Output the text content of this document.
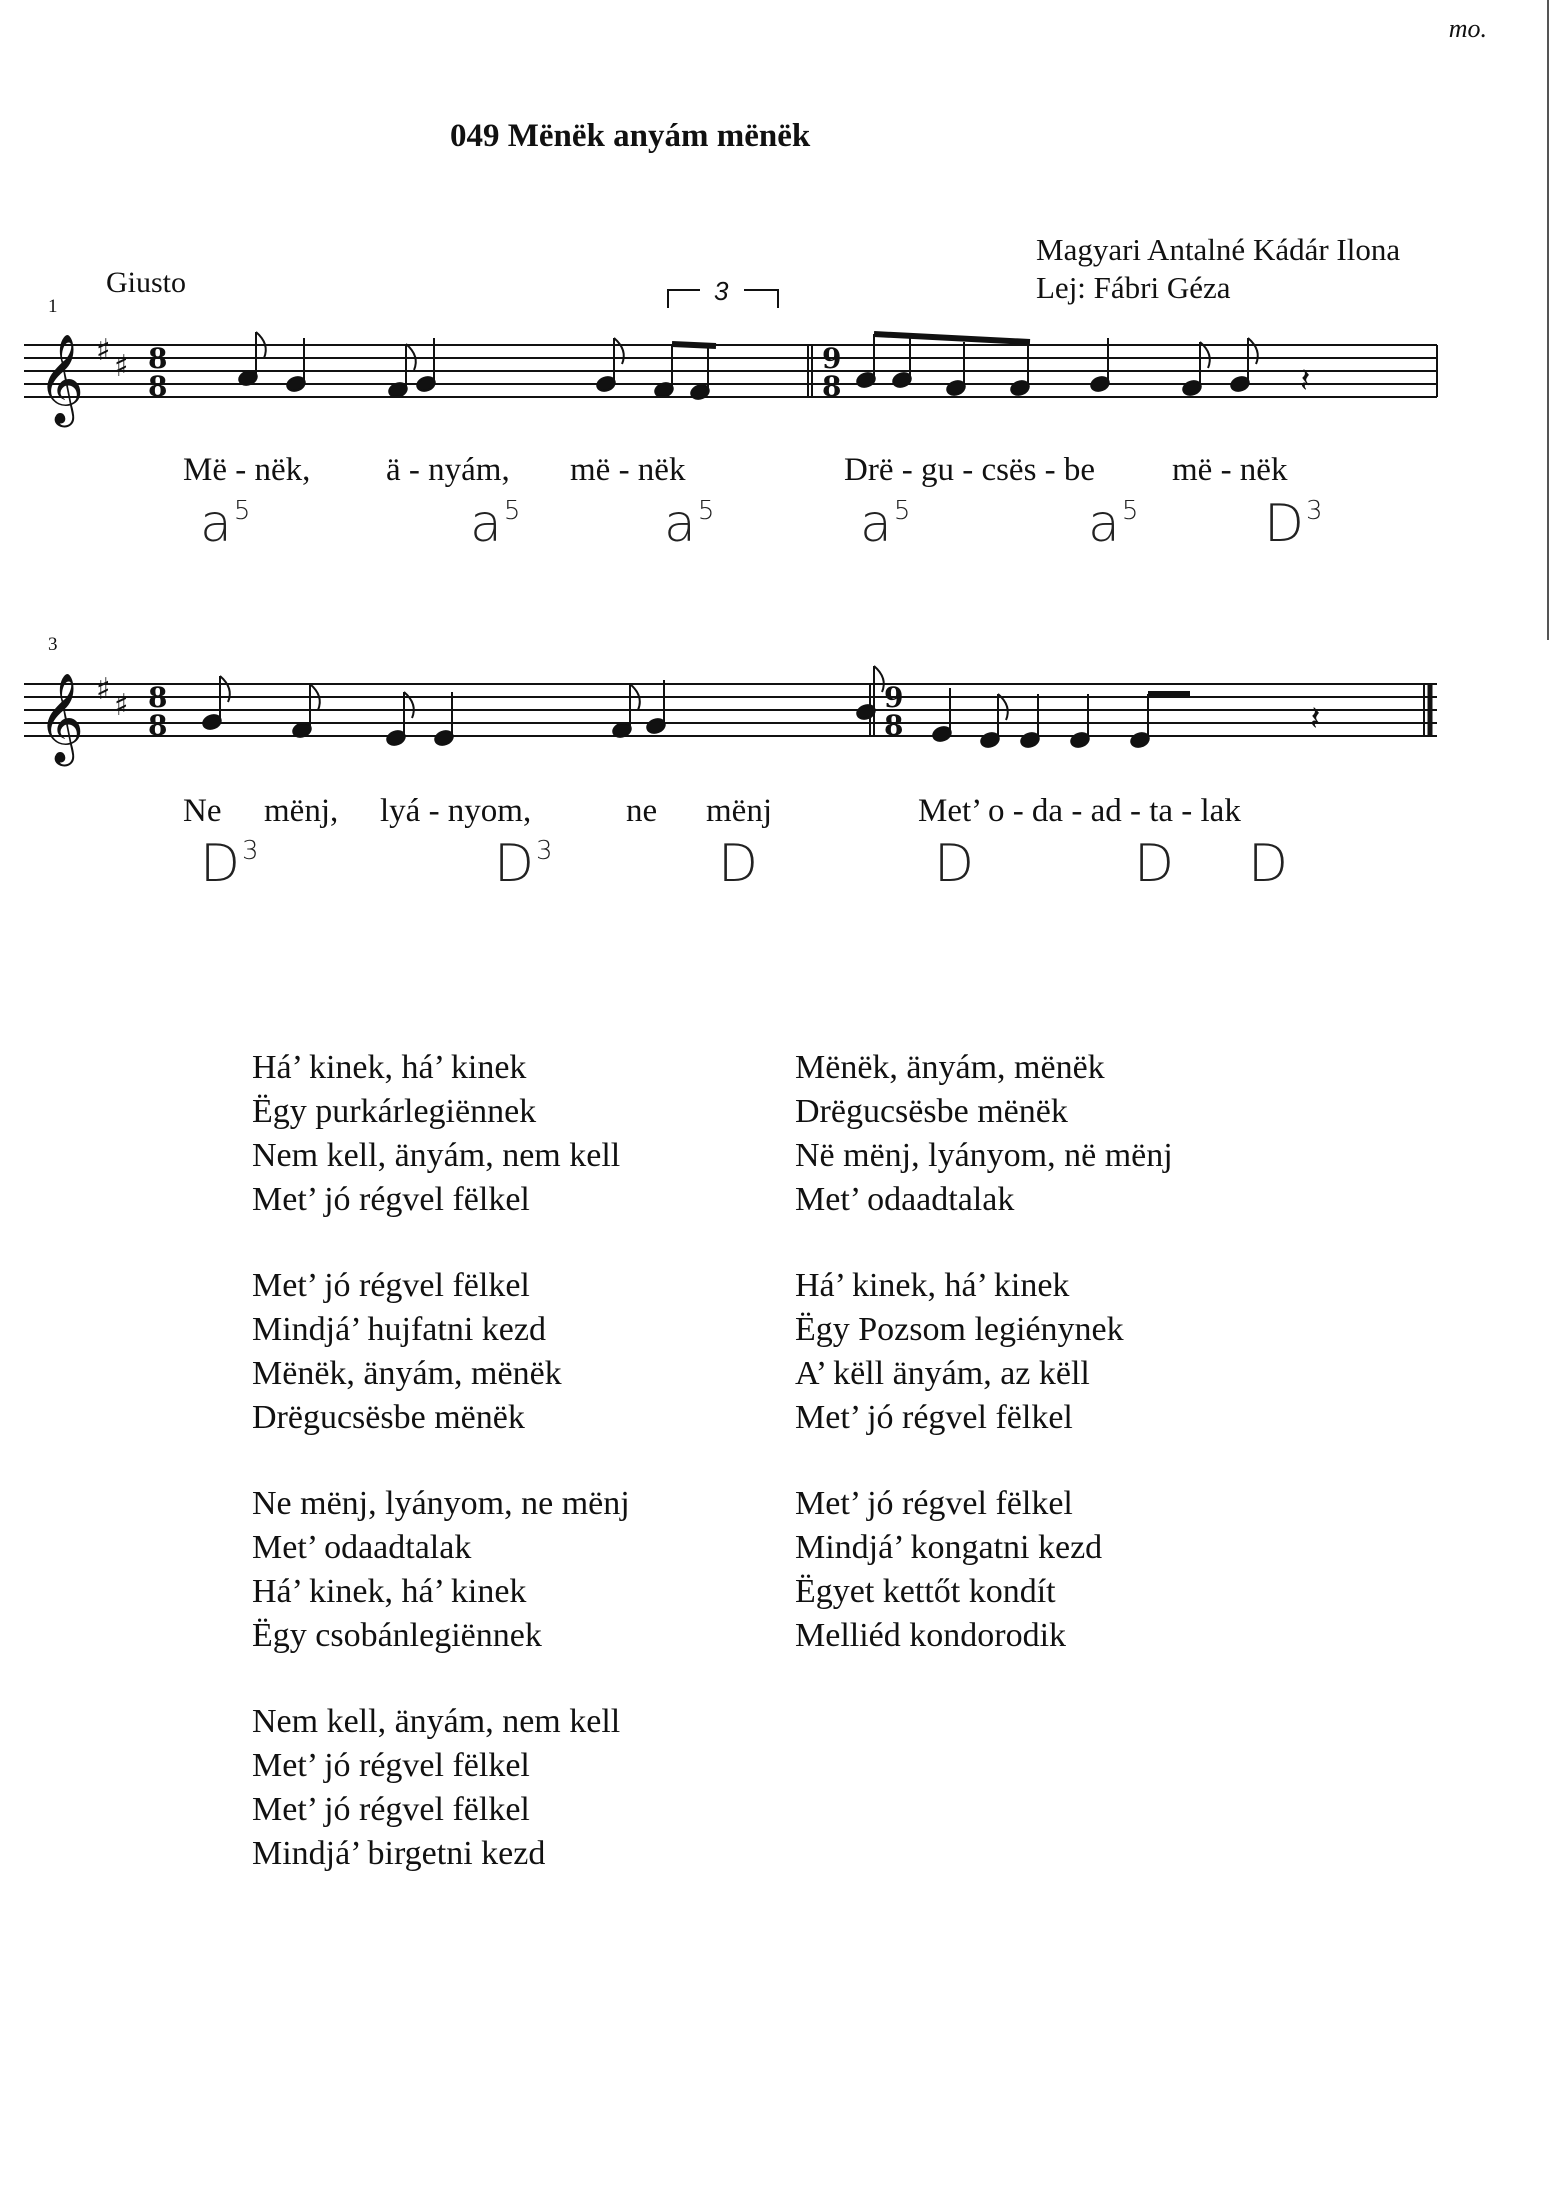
mo.
049 Mënëk anyám mënëk
Magyari Antalné Kádár Ilona
Lej: Fábri Géza
Giusto
1
𝄞
𝄞
♯ ♯
♯ ♯
8
8
9
8
8
8
9
8
3
𝄽
𝄽
3
Më - nëk, ä - nyám, më - nëk	Drë - gu - csës - be më - nëk
$a^5$	$a^5$	$a^5$	$a^5$	$a^5$ $D^3$
Ne mënj, lyá - nyom,	ne mënj	Met’ o - da - ad - ta - lak
$D^3$	$D^3$	D	D	D D
Há’ kinek, há’ kinek
Ëgy purkárlegiënnek
Nem kell, änyám, nem kell
Met’ jó régvel fëlkel
Met’ jó régvel fëlkel
Mindjá’ hujfatni kezd
Mënëk, änyám, mënëk
Drëgucsësbe mënëk
Ne mënj, lyányom, ne mënj
Met’ odaadtalak
Há’ kinek, há’ kinek
Ëgy csobánlegiënnek
Nem kell, änyám, nem kell
Met’ jó régvel fëlkel
Met’ jó régvel fëlkel
Mindjá’ birgetni kezd
Mënëk, änyám, mënëk
Drëgucsësbe mënëk
Në mënj, lyányom, në mënj
Met’ odaadtalak
Há’ kinek, há’ kinek
Ëgy Pozsom legiénynek
A’ këll änyám, az këll
Met’ jó régvel fëlkel
Met’ jó régvel fëlkel
Mindjá’ kongatni kezd
Ëgyet kettőt kondít
Melliéd kondorodik
